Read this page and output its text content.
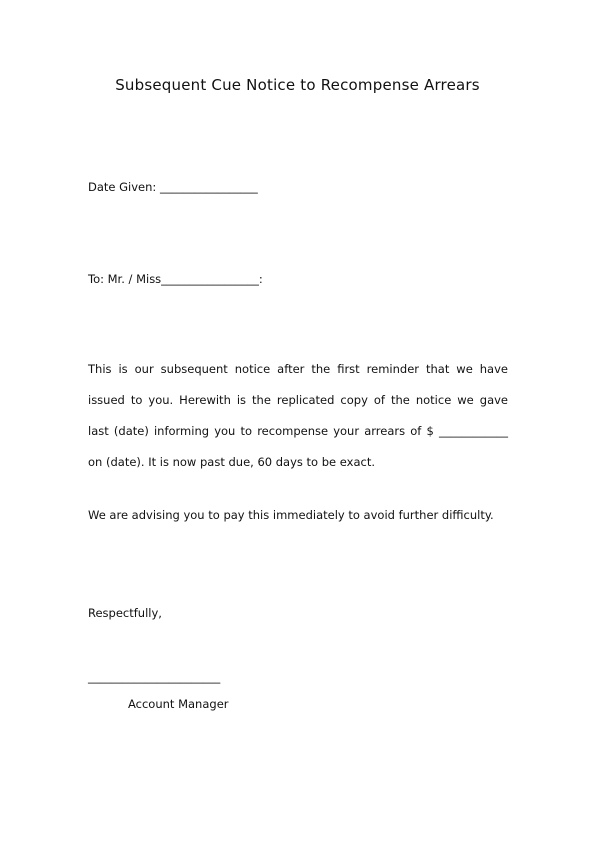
Subsequent Cue Notice to Recompense Arrears
Date Given: _________________
To: Mr. / Miss_________________:
This is our subsequent notice after the first reminder that we have
issued to you. Herewith is the replicated copy of the notice we gave
last (date) informing you to recompense your arrears of $ ____________
on (date). It is now past due, 60 days to be exact.
We are advising you to pay this immediately to avoid further difficulty.
Respectfully,
_______________________
Account Manager
